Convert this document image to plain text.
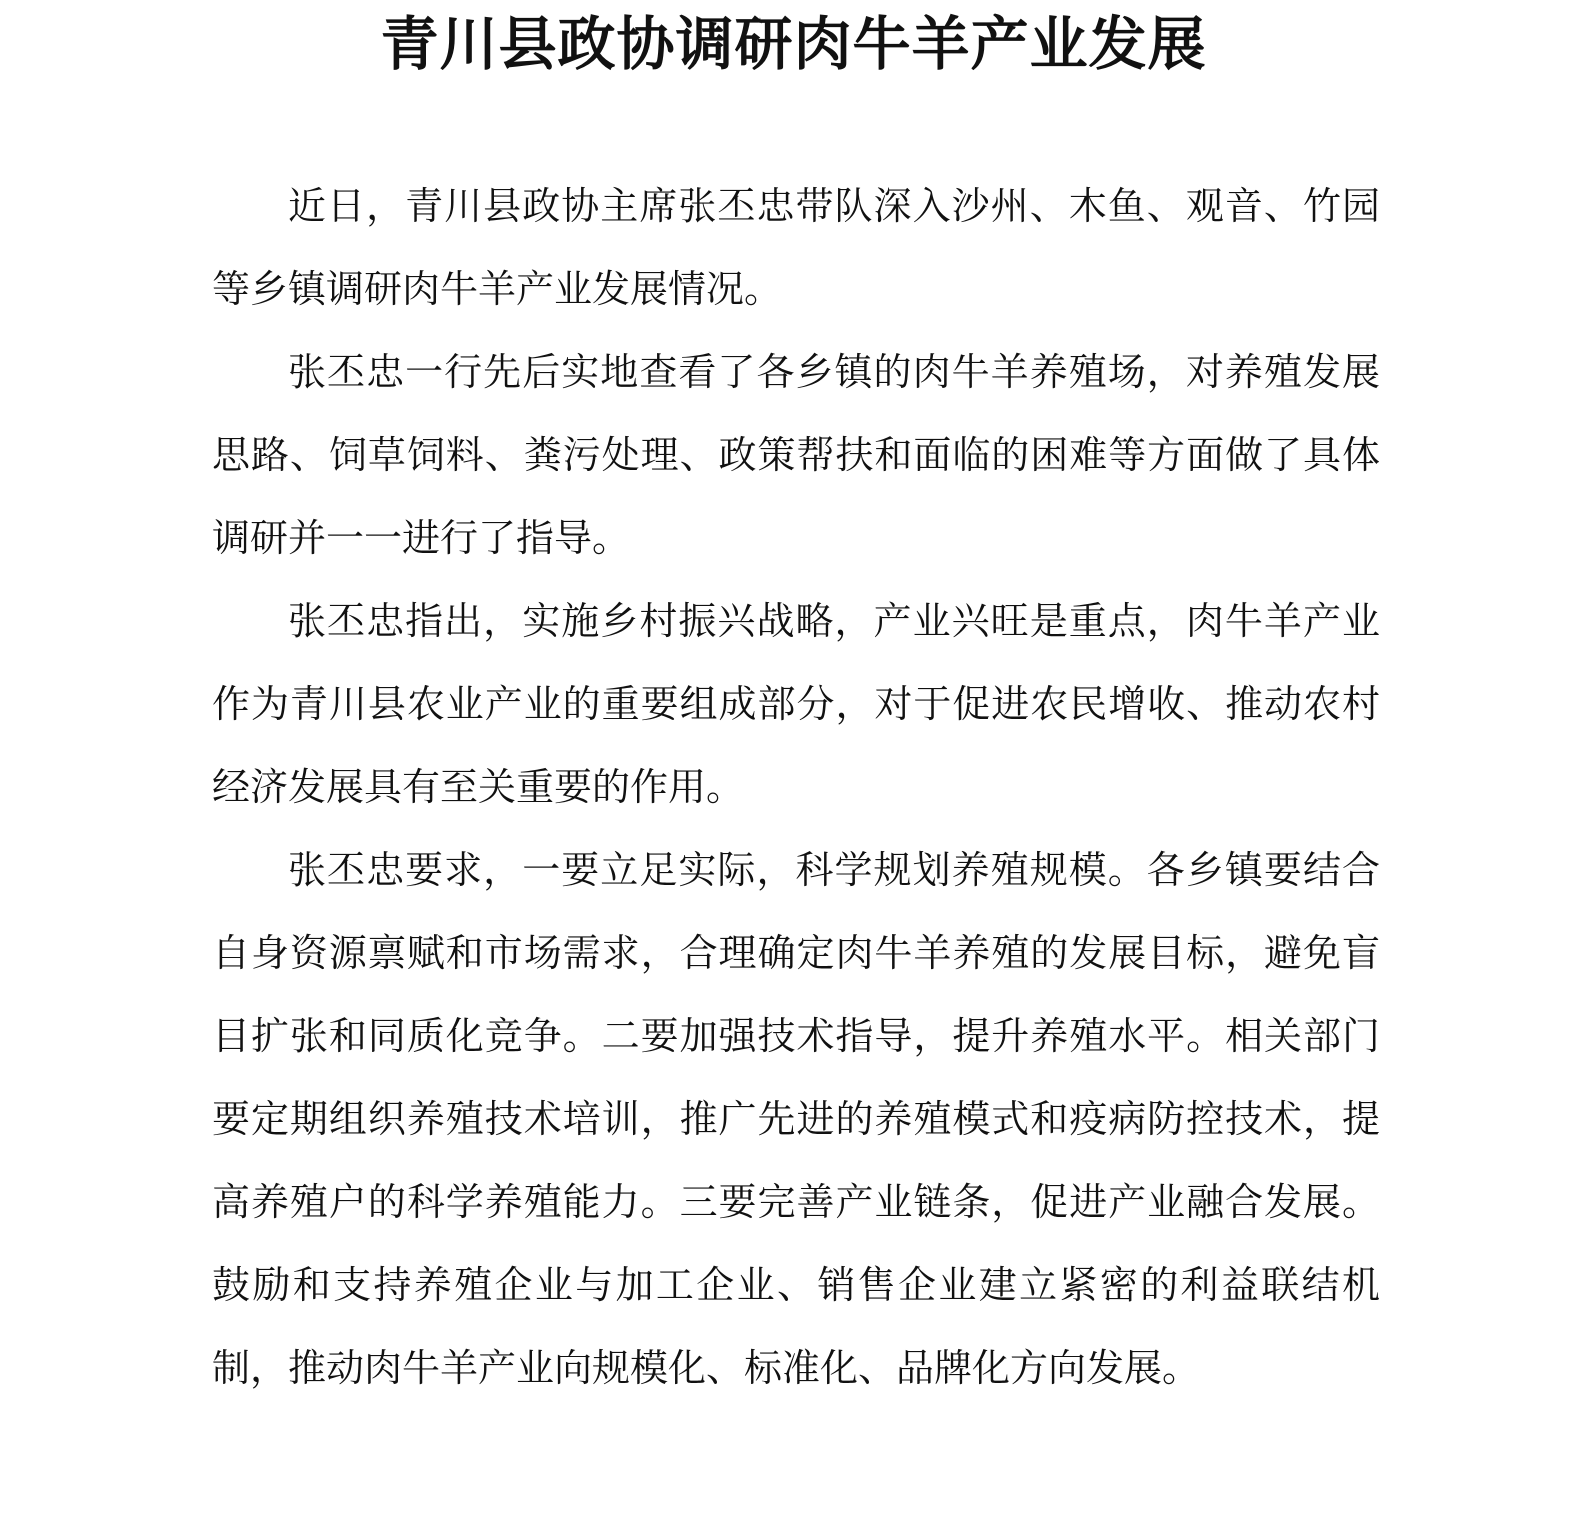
青川县政协调研肉牛羊产业发展

近日，青川县政协主席张丕忠带队深入沙州、木鱼、观音、竹园等乡镇调研肉牛羊产业发展情况。

张丕忠一行先后实地查看了各乡镇的肉牛羊养殖场，对养殖发展思路、饲草饲料、粪污处理、政策帮扶和面临的困难等方面做了具体调研并一一进行了指导。

张丕忠指出，实施乡村振兴战略，产业兴旺是重点，肉牛羊产业作为青川县农业产业的重要组成部分，对于促进农民增收、推动农村经济发展具有至关重要的作用。

张丕忠要求，一要立足实际，科学规划养殖规模。各乡镇要结合自身资源禀赋和市场需求，合理确定肉牛羊养殖的发展目标，避免盲目扩张和同质化竞争。二要加强技术指导，提升养殖水平。相关部门要定期组织养殖技术培训，推广先进的养殖模式和疫病防控技术，提高养殖户的科学养殖能力。三要完善产业链条，促进产业融合发展。鼓励和支持养殖企业与加工企业、销售企业建立紧密的利益联结机制，推动肉牛羊产业向规模化、标准化、品牌化方向发展。
